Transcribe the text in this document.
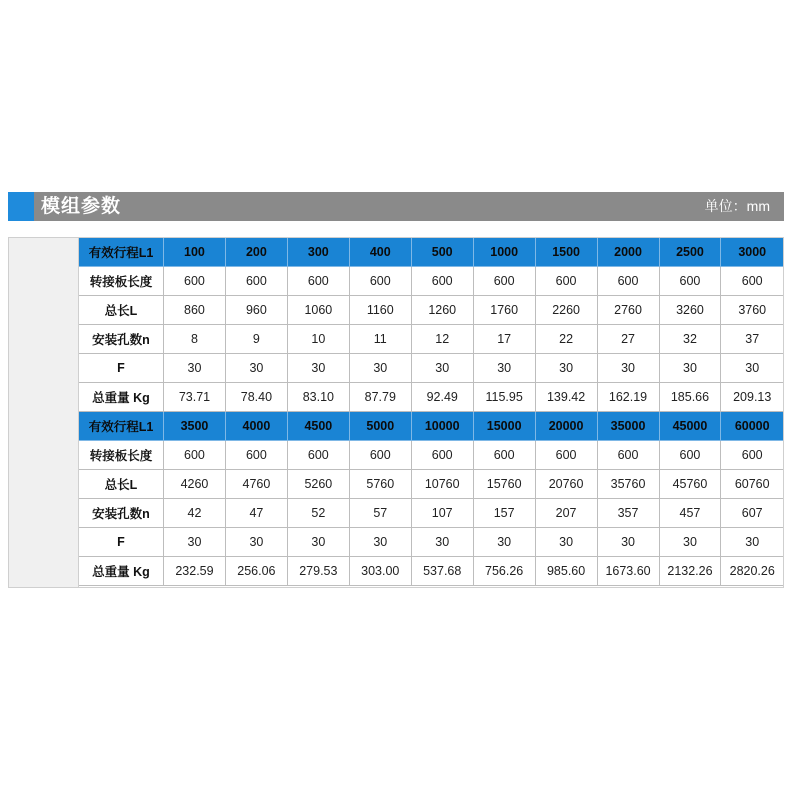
模组参数	单位：mm
有效行程L1	100	200	300	400	500	1000	1500	2000	2500	3000
转接板长度	600	600	600	600	600	600	600	600	600	600
总长L	860	960	1060	1160	1260	1760	2260	2760	3260	3760
安装孔数n	8	9	10	11	12	17	22	27	32	37
F	30	30	30	30	30	30	30	30	30	30
总重量 Kg	73.71	78.40	83.10	87.79	92.49	115.95	139.42	162.19	185.66	209.13
有效行程L1	3500	4000	4500	5000	10000	15000	20000	35000	45000	60000
转接板长度	600	600	600	600	600	600	600	600	600	600
总长L	4260	4760	5260	5760	10760	15760	20760	35760	45760	60760
安装孔数n	42	47	52	57	107	157	207	357	457	607
F	30	30	30	30	30	30	30	30	30	30
总重量 Kg	232.59	256.06	279.53	303.00	537.68	756.26	985.60	1673.60	2132.26	2820.26
